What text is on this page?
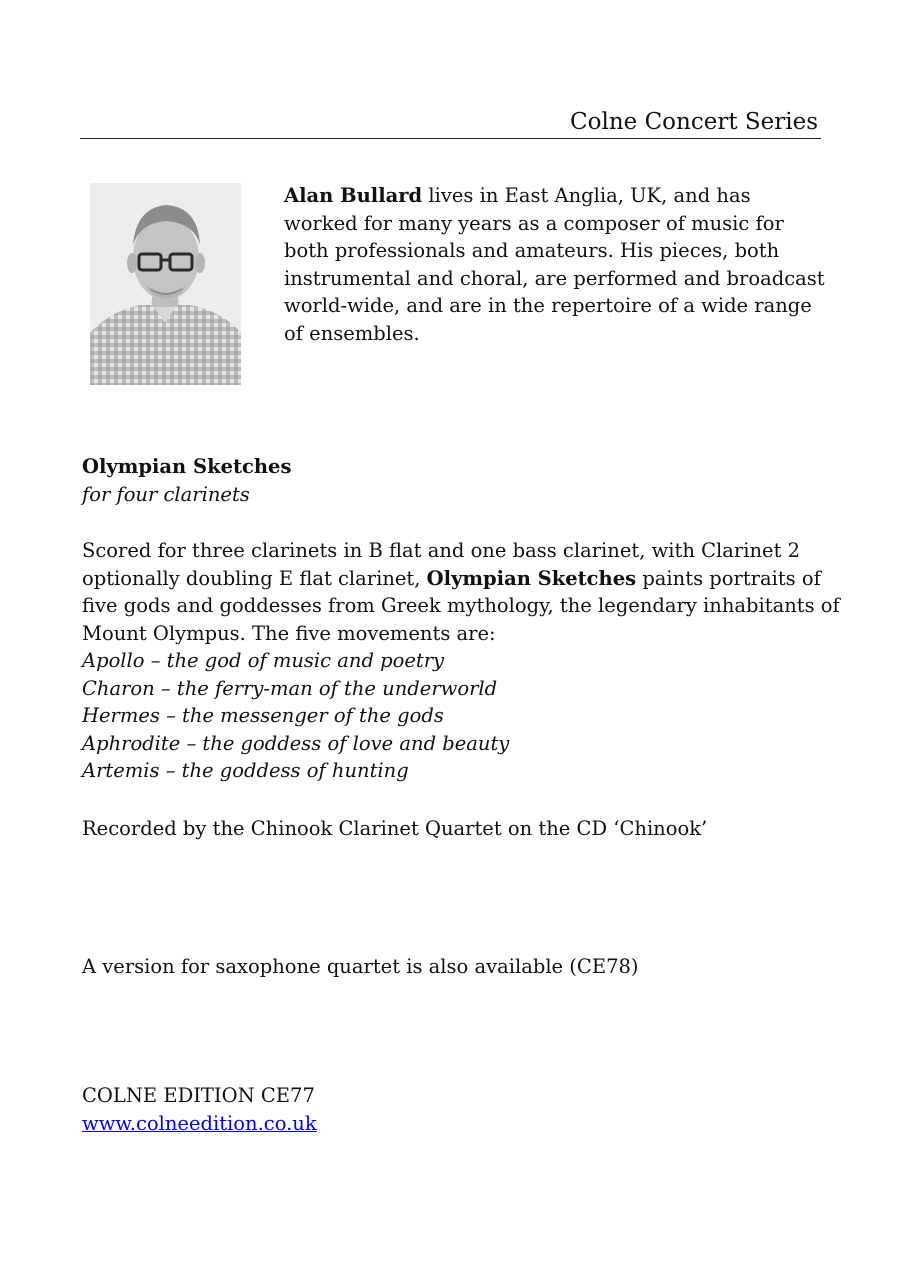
Colne Concert Series
Alan Bullard lives in East Anglia, UK, and has worked for many years as a composer of music for both professionals and amateurs. His pieces, both instrumental and choral, are performed and broadcast world-wide, and are in the repertoire of a wide range of ensembles.
Olympian Sketches
for four clarinets
Scored for three clarinets in B flat and one bass clarinet, with Clarinet 2
optionally doubling E flat clarinet, Olympian Sketches paints portraits of
five gods and goddesses from Greek mythology, the legendary inhabitants of
Mount Olympus. The five movements are:
Apollo – the god of music and poetry
Charon – the ferry-man of the underworld
Hermes – the messenger of the gods
Aphrodite – the goddess of love and beauty
Artemis – the goddess of hunting
Recorded by the Chinook Clarinet Quartet on the CD ‘Chinook’
A version for saxophone quartet is also available (CE78)
COLNE EDITION CE77
www.colneedition.co.uk
